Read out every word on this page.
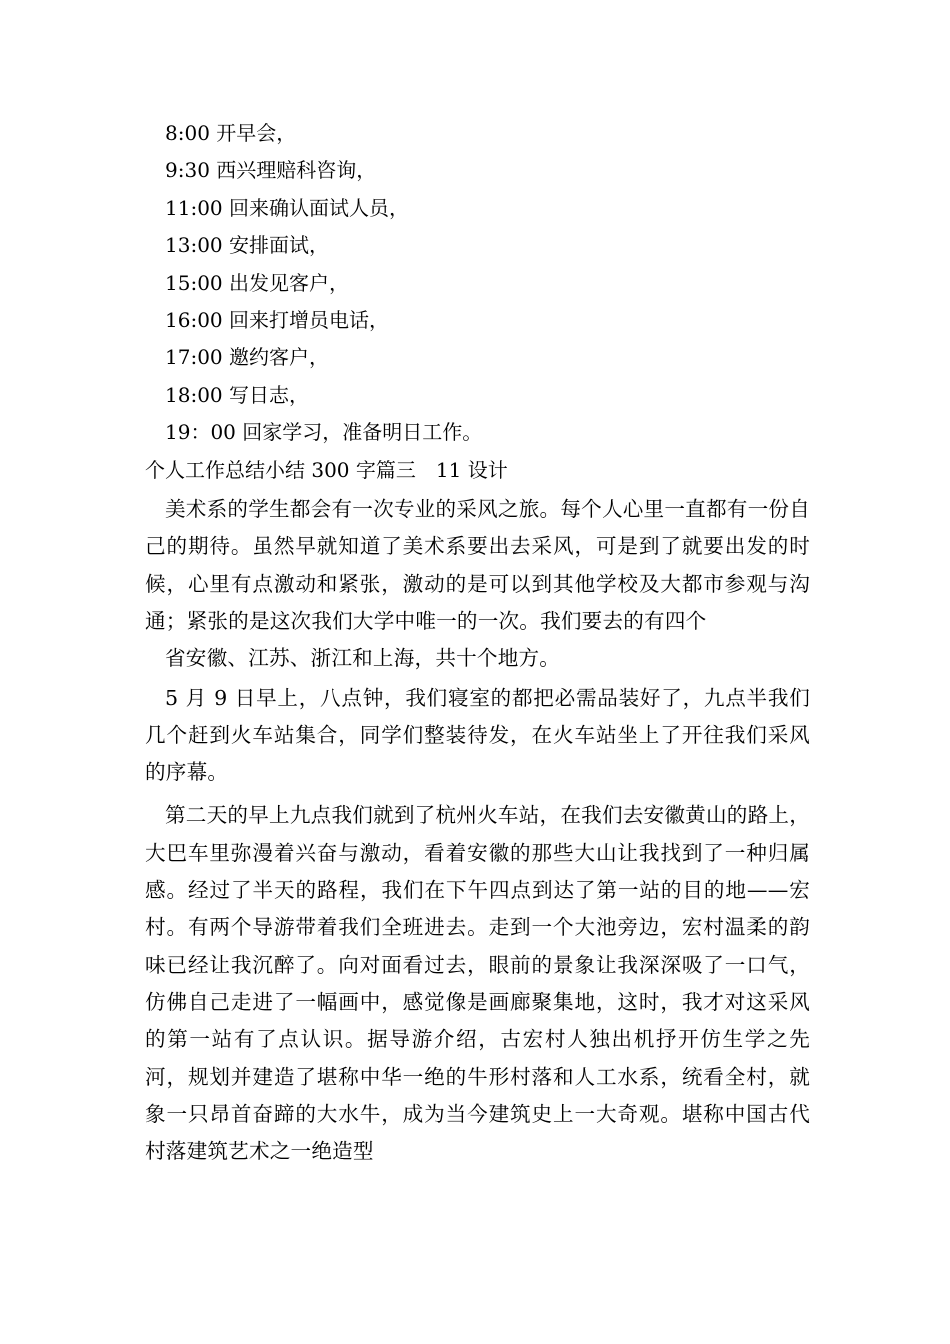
8:00 开早会，
9:30 西兴理赔科咨询，
11:00 回来确认面试人员，
13:00 安排面试，
15:00 出发见客户，
16:00 回来打增员电话，
17:00 邀约客户，
18:00 写日志，
19：00 回家学习，准备明日工作。

个人工作总结小结 300 字篇三　11 设计

美术系的学生都会有一次专业的采风之旅。每个人心里一直都有一份自己的期待。虽然早就知道了美术系要出去采风，可是到了就要出发的时候，心里有点激动和紧张，激动的是可以到其他学校及大都市参观与沟通；紧张的是这次我们大学中唯一的一次。我们要去的有四个

省安徽、江苏、浙江和上海，共十个地方。

5 月 9 日早上，八点钟，我们寝室的都把必需品装好了，九点半我们几个赶到火车站集合，同学们整装待发，在火车站坐上了开往我们采风的序幕。

第二天的早上九点我们就到了杭州火车站，在我们去安徽黄山的路上，大巴车里弥漫着兴奋与激动，看着安徽的那些大山让我找到了一种归属感。经过了半天的路程，我们在下午四点到达了第一站的目的地——宏村。有两个导游带着我们全班进去。走到一个大池旁边，宏村温柔的韵味已经让我沉醉了。向对面看过去，眼前的景象让我深深吸了一口气，仿佛自己走进了一幅画中，感觉像是画廊聚集地，这时，我才对这采风的第一站有了点认识。据导游介绍，古宏村人独出机抒开仿生学之先河，规划并建造了堪称中华一绝的牛形村落和人工水系，统看全村，就象一只昂首奋蹄的大水牛，成为当今建筑史上一大奇观。堪称中国古代村落建筑艺术之一绝造型
